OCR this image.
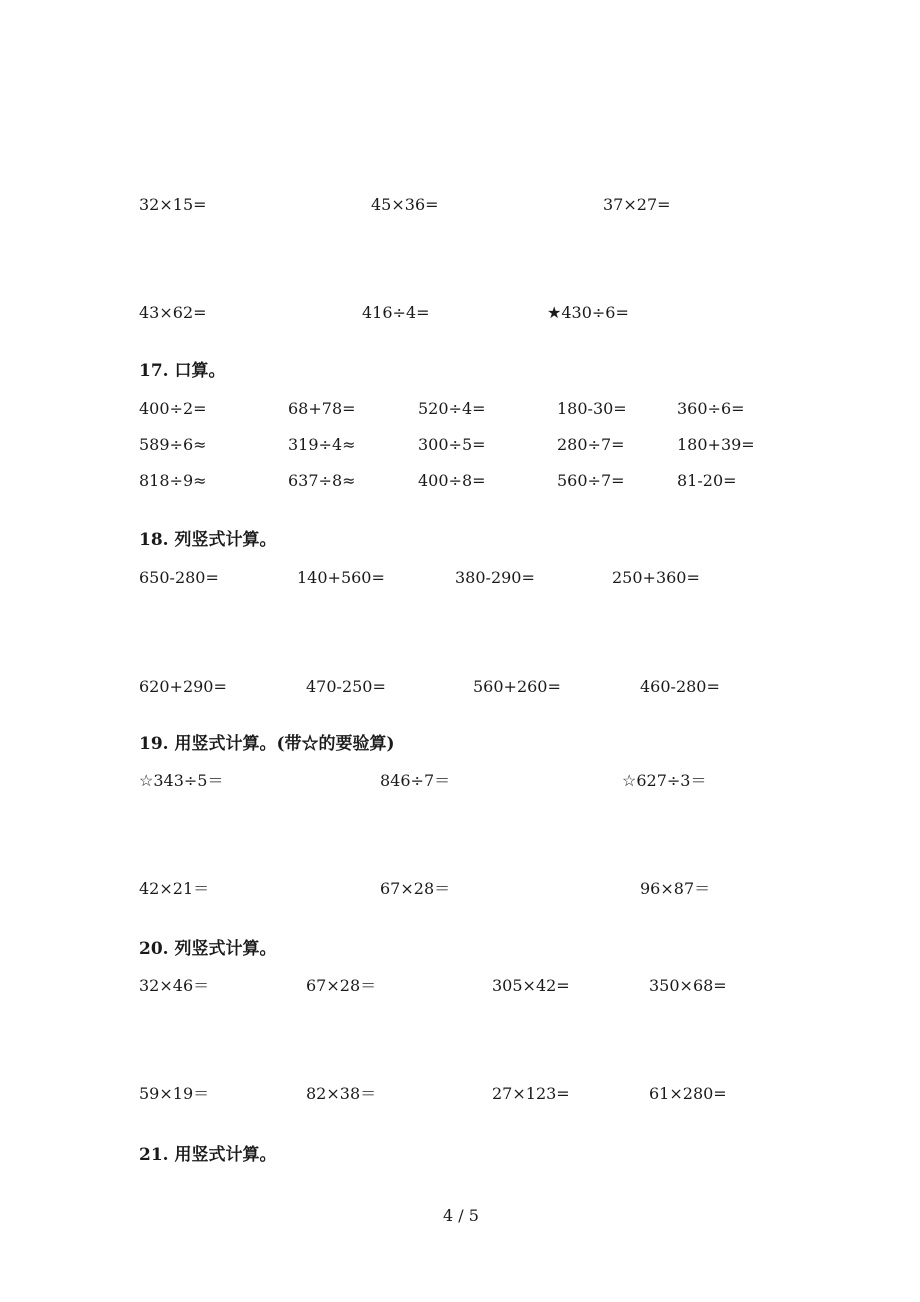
32×15=	45×36=	37×27=
43×62=	416÷4=	★430÷6=
17. 口算。
400÷2=	68+78=	520÷4=	180-30=	360÷6=
589÷6≈	319÷4≈	300÷5=	280÷7=	180+39=
818÷9≈	637÷8≈	400÷8=	560÷7=	81-20=
18. 列竖式计算。
650-280=	140+560=	380-290=	250+360=
620+290=	470-250=	560+260=	460-280=
19. 用竖式计算。(带☆的要验算)
☆343÷5＝	846÷7＝	☆627÷3＝
42×21＝	67×28＝	96×87＝
20. 列竖式计算。
32×46＝	67×28＝	305×42=	350×68=
59×19＝	82×38＝	27×123=	61×280=
21. 用竖式计算。
4 / 5
